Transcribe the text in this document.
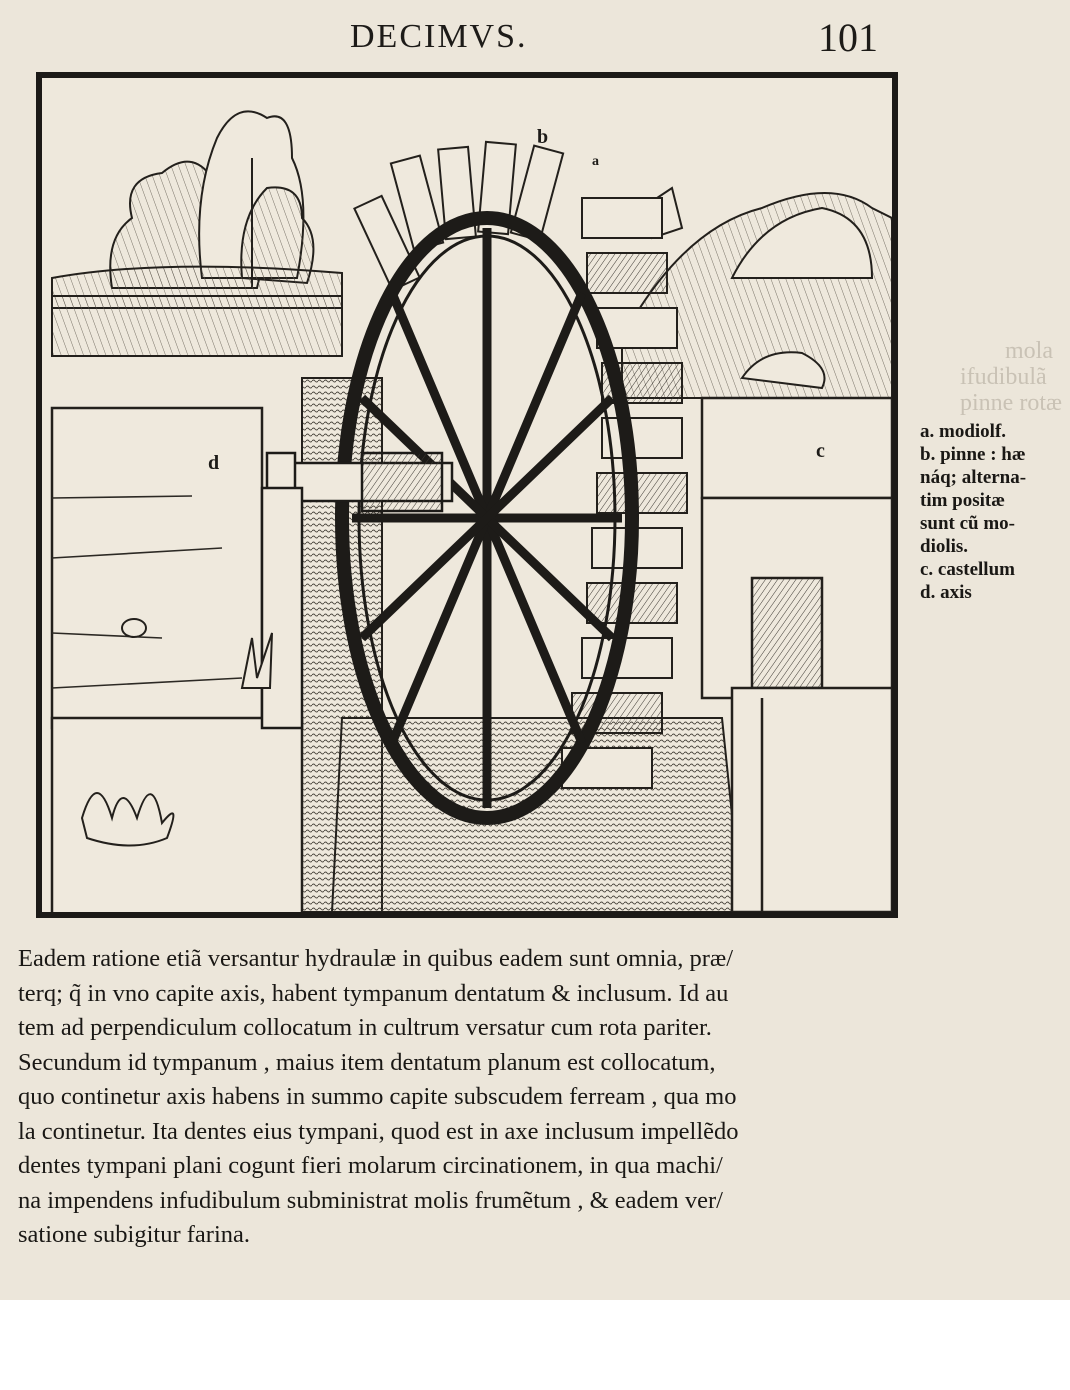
mola
ifudibulã
pinne rotæ
DECIMVS.	101
b
a
c
d
a. modiolf.
b. pinne : hæ
náq; alterna-
tim positæ
sunt cũ mo-
diolis.
c. castellum
d. axis
Eadem ratione etiã versantur hydraulæ in quibus eadem sunt omnia, præ/
terq; q̃ in vno capite axis, habent tympanum dentatum & inclusum. Id au
tem ad perpendiculum collocatum in cultrum versatur cum rota pariter.
Secundum id tympanum , maius item dentatum planum est collocatum,
quo continetur axis habens in summo capite subscudem ferream , qua mo
la continetur. Ita dentes eius tympani, quod est in axe inclusum impellẽdo
dentes tympani plani cogunt fieri molarum circinationem, in qua machi/
na impendens infudibulum subministrat molis frumẽtum , & eadem ver/
satione subigitur farina.
